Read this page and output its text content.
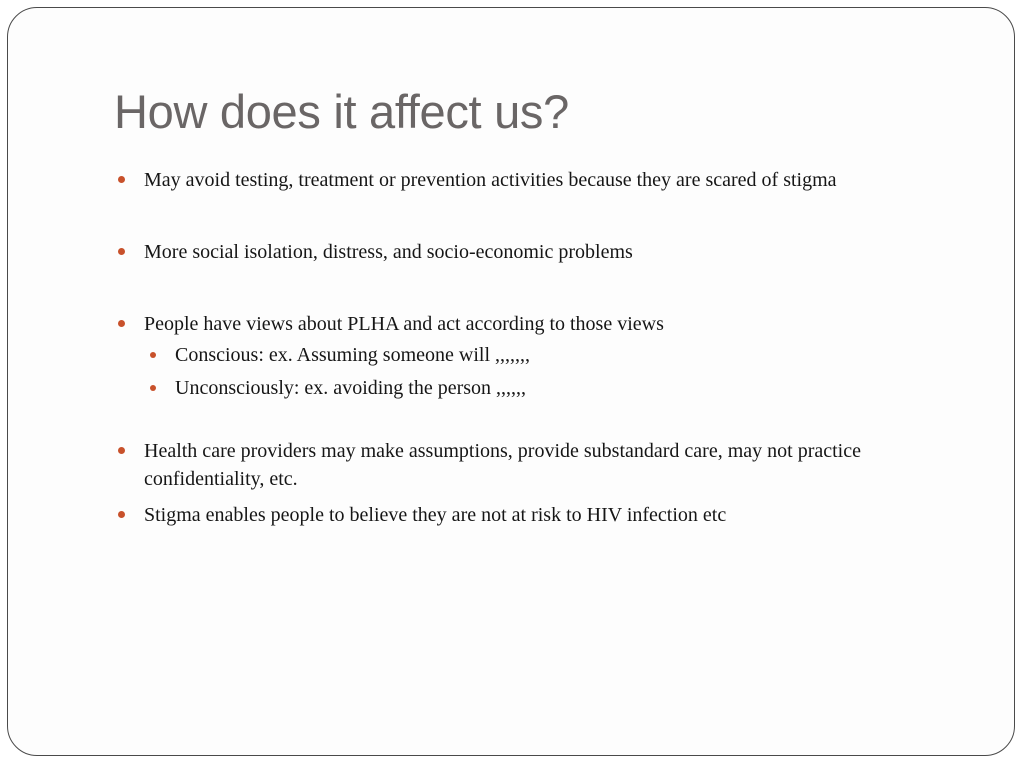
How does it affect us?
May avoid testing, treatment or prevention activities because they are scared of stigma
More social isolation, distress, and socio-economic problems
People have views about PLHA and act according to those views
Conscious: ex. Assuming someone will ,,,,,,,
Unconsciously: ex. avoiding the person ,,,,,,
Health care providers may make assumptions, provide substandard care, may not practice confidentiality, etc.
Stigma enables people to believe they are not at risk to HIV infection etc
